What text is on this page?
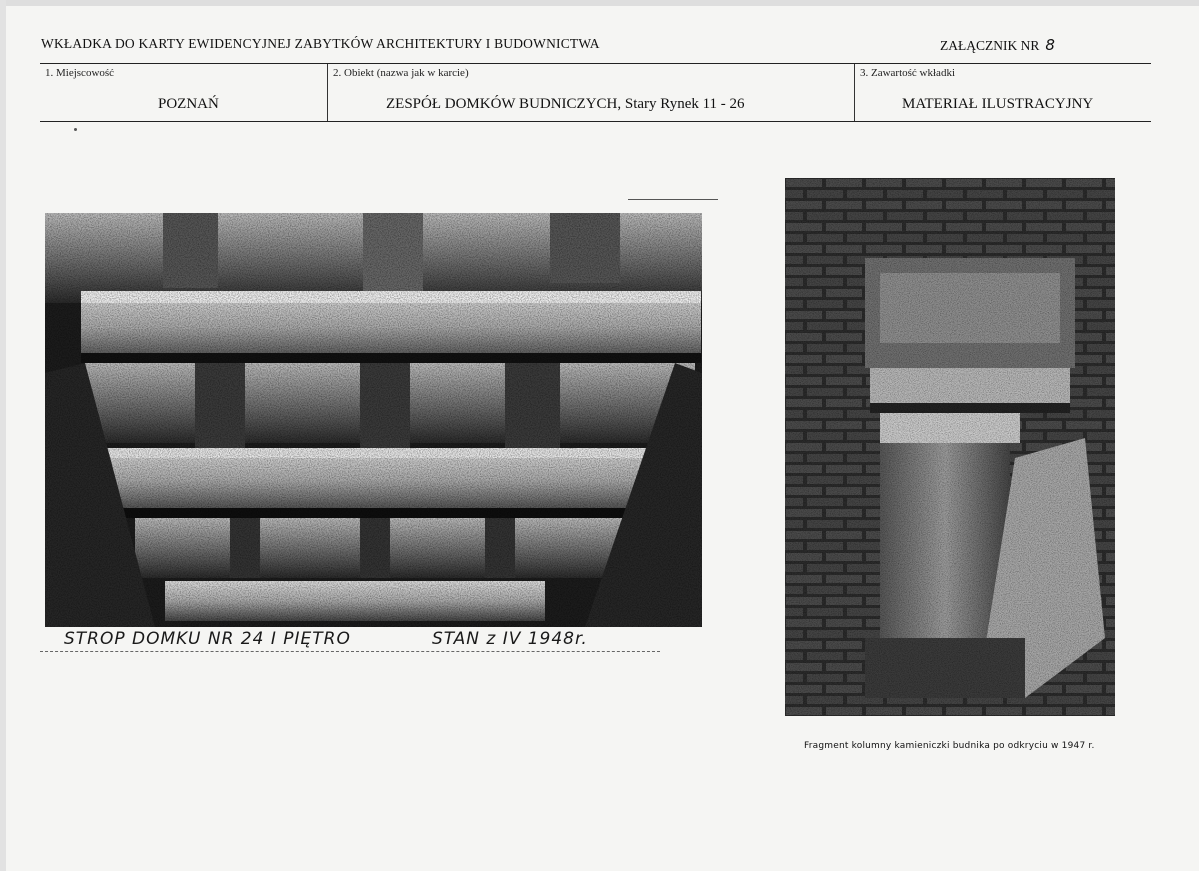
WKŁADKA DO KARTY EWIDENCYJNEJ ZABYTKÓW ARCHITEKTURY I BUDOWNICTWA	ZAŁĄCZNIK NR 8
1. Miejscowość
POZNAŃ
2. Obiekt (nazwa jak w karcie)
ZESPÓŁ DOMKÓW BUDNICZYCH, Stary Rynek 11 - 26
3. Zawartość wkładki
MATERIAŁ ILUSTRACYJNY
STROP DOMKU NR 24 I PIĘTRO	STAN z IV 1948r.
Fragment kolumny kamieniczki budnika po odkryciu w 1947 r.
